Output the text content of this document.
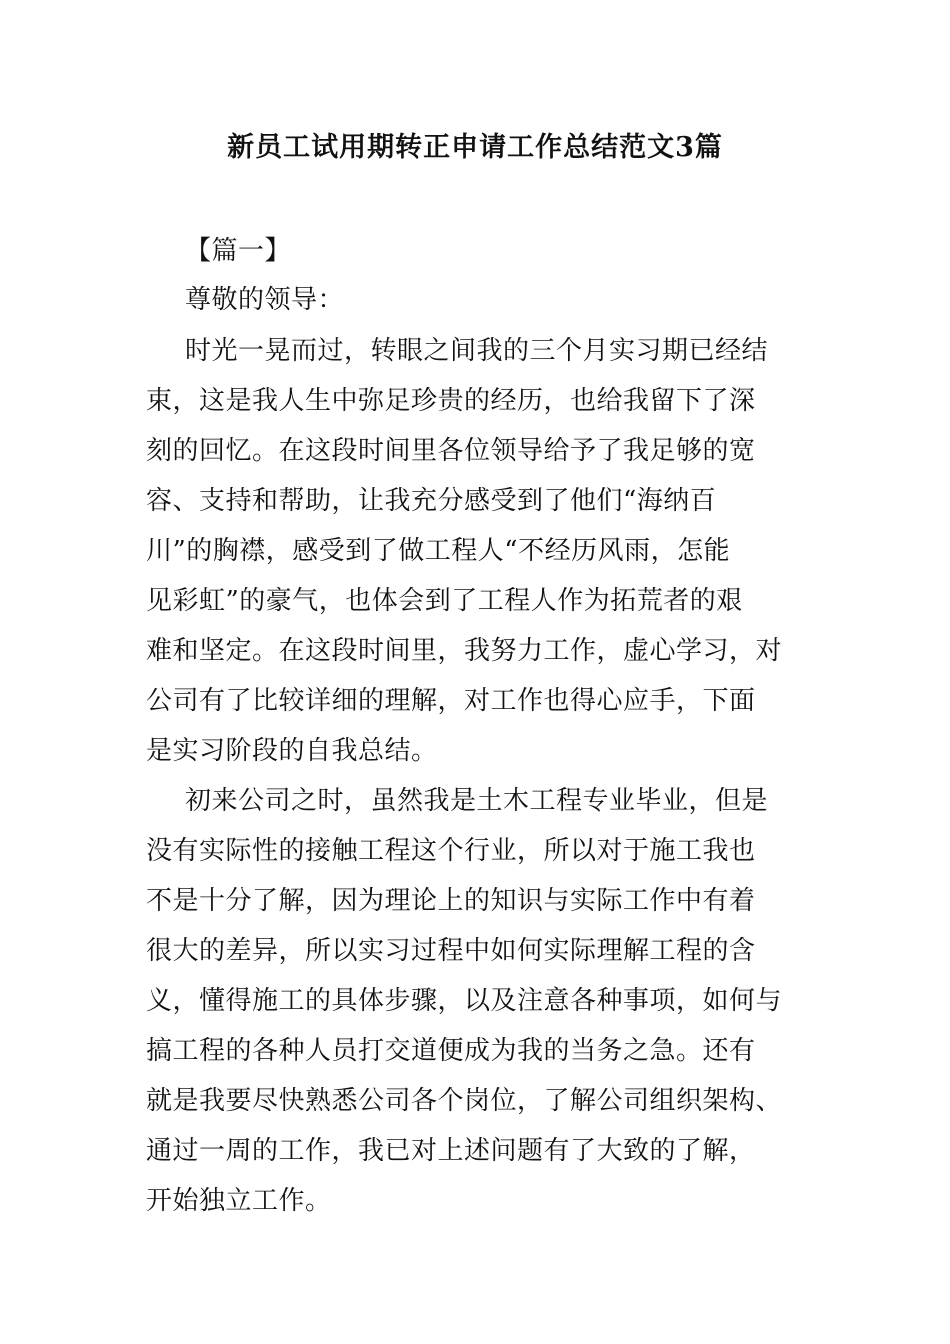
新员工试用期转正申请工作总结范文3篇
【篇一】
尊敬的领导：
时光一晃而过，转眼之间我的三个月实习期已经结
束，这是我人生中弥足珍贵的经历，也给我留下了深
刻的回忆。在这段时间里各位领导给予了我足够的宽
容、支持和帮助，让我充分感受到了他们“海纳百
川”的胸襟，感受到了做工程人“不经历风雨，怎能
见彩虹”的豪气，也体会到了工程人作为拓荒者的艰
难和坚定。在这段时间里，我努力工作，虚心学习，对
公司有了比较详细的理解，对工作也得心应手，下面
是实习阶段的自我总结。
初来公司之时，虽然我是土木工程专业毕业，但是
没有实际性的接触工程这个行业，所以对于施工我也
不是十分了解，因为理论上的知识与实际工作中有着
很大的差异，所以实习过程中如何实际理解工程的含
义，懂得施工的具体步骤，以及注意各种事项，如何与
搞工程的各种人员打交道便成为我的当务之急。还有
就是我要尽快熟悉公司各个岗位，了解公司组织架构、
通过一周的工作，我已对上述问题有了大致的了解，
开始独立工作。
